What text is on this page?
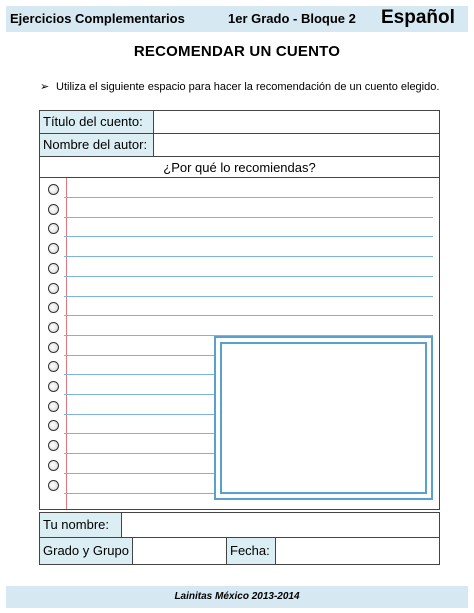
Ejercicios Complementarios	1er Grado - Bloque 2 Español
RECOMENDAR UN CUENTO
➢ Utiliza el siguiente espacio para hacer la recomendación de un cuento elegido.
Título del cuento:
Nombre del autor:
¿Por qué lo recomiendas?
Tu nombre:
Grado y Grupo	Fecha:
Lainitas México 2013-2014
